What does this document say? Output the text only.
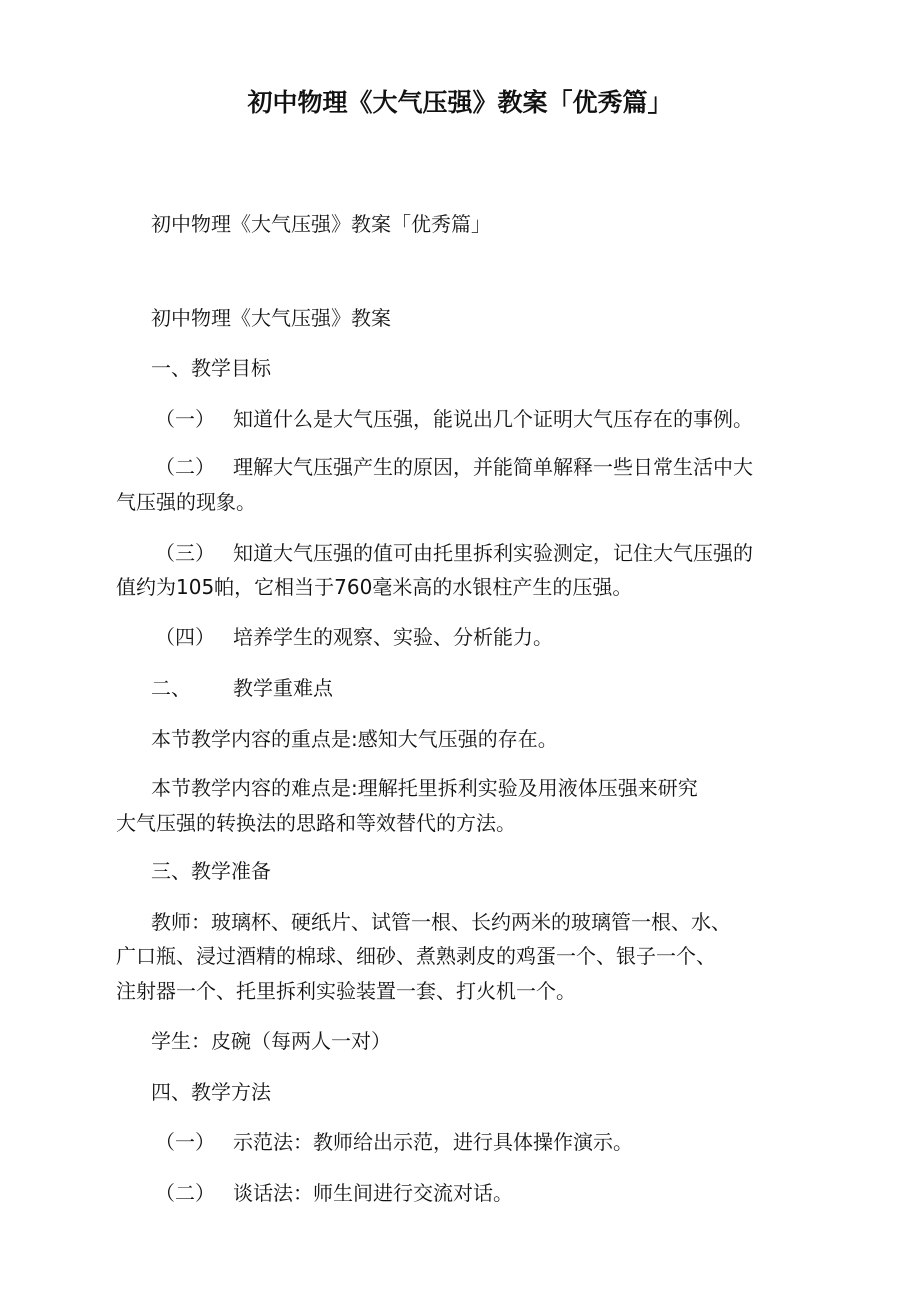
初中物理《大气压强》教案「优秀篇」

初中物理《大气压强》教案「优秀篇」

初中物理《大气压强》教案

一、教学目标

（一） 知道什么是大气压强，能说出几个证明大气压存在的事例。

（二） 理解大气压强产生的原因，并能简单解释一些日常生活中大

气压强的现象。

（三） 知道大气压强的值可由托里拆利实验测定，记住大气压强的

值约为105帕，它相当于760毫米高的水银柱产生的压强。

（四） 培养学生的观察、实验、分析能力。

二、 教学重难点

本节教学内容的重点是:感知大气压强的存在。

本节教学内容的难点是:理解托里拆利实验及用液体压强来研究

大气压强的转换法的思路和等效替代的方法。

三、教学准备

教师：玻璃杯、硬纸片、试管一根、长约两米的玻璃管一根、水、

广口瓶、浸过酒精的棉球、细砂、煮熟剥皮的鸡蛋一个、银子一个、

注射器一个、托里拆利实验装置一套、打火机一个。

学生：皮碗（每两人一对）

四、教学方法

（一） 示范法：教师给出示范，进行具体操作演示。

（二） 谈话法：师生间进行交流对话。
